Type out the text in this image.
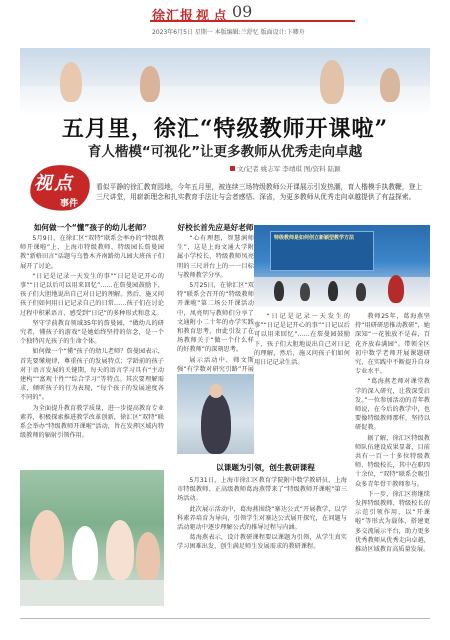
徐汇报 视 点 09
2023年6月5日 星期一 本版编辑:兰舒忆 版面设计:卞卿舟
五月里，徐汇“特级教师开课啦”
育人楷模“可视化”让更多教师从优秀走向卓越
文/记者 姚志军 李靖琪 图/资料 陆颖
视点
事件
看似平静的徐汇教育园地，今年五月里，被连续三场特级教师公开课展示引发热潮，育人楷模手执教鞭，登上三尺讲堂，用崭新理念和扎实教育手法让与会者感悟、深省，为更多教师从优秀走向卓越提供了有益探索。
如何做一个“懂”孩子的幼儿老师？

5月9日，在徐汇区“双特”联系会率办的“特级教师开课啦”上，上海市特级教师、特级园长詹曼园教“新格田言”话题与乌鲁木齐南路幼儿园大班孩子们展开了讨论。

“日记是记录一天发生的事”“日记是记开心的事”“日记以后可以用来回忆”……在詹曼园鼓励下，孩子们大胆地说出自己对日记的理解。然后，施又问孩子们如何用日记记录自己的日常……孩子们在讨论过程中积累语言，感受到“日记”的多种形式和意义。

坚守学前教育领域35年的詹曼园，“做幼儿的研究者，懂孩子的游戏”是她始终坚持的信念，是一个个独特闪光孩子的生命个体。

如何做一个“懂”孩子的幼儿老师？詹曼园表示，首先要懂规律，尊重孩子的发展特点；学龄前的孩子对于语言发展的关键期，每天的语言学习具有“主动建构”“富观十性”“综合学习”等特点。其次要理解需求，倾听孩子的行为表现，“每个孩子的发展速度各不同的”。

为全面提升教育教学质量，进一步提高教育专业素养，积极探索推进教学改革创新，徐汇区“双特”联系会举办“特级教师开课啦”活动，旨在发挥区域内特级教师的辐射引领作用。

好校长首先应是好老师

“心有理想，智慧润师生”，这是上海文通大学附属小学校长、特级教师凤亮明的三尺讲台上的一一目标与教师教学分享。

5月25日，在徐汇区“双特”联系会召开的“特级教师开课啦”第二场公开课活动中，凤亮明与教师们分享了文通附小二十年的办学实践和教育思考，由此引发了在场教师关于“做一个什么样的好教师”的深刻思考。

展示活动中，师文斯强“有学数对研究引路”开展

特级教师是如何创立新颖型教学方法
以课题为引领，创生教研课程

5月31日，上海市徐汇区教育学院附中数学教研员、上海市特级教师、正高级教师葛海燕带来了“特级教师开课啦”第三场活动。

此次展示活动中，葛海燕围绕“寨达公式”开展教学，以学科素养培育为导向，引领学生对寨达公式展开探究，在问题与活动驱动中逐步理解公式的推导过程与内涵。

葛海燕表示，设计教研课程要以课题为引领，从学生真实学习困难出发，创生满足师生发展需求的教研课程。

教师25年，葛海燕坚持“用研研思推动教研”，她深知“一花独放不是春，百花齐放春满园”。带领全区初中数学老师开展课题研究，在实践中不断提升自身专业水平。

“葛海燕老师对课堂教学的深入研究，让我深受启发。”一位参加活动的青年教师说，在今后的教学中，也要像特级教师那样，坚持以研促教。

据了解，徐汇区特级教师队伍建设成果显著，目前共有一百一十多位特级教师、特级校长，其中在职四十余位，“双特”联系会吸引众多青年骨干教师参与。

下一步，徐汇区将继续发挥特级教师、特级校长的示范引领作用，以“开课啦”等形式为载体，搭建更多交流展示平台，助力更多优秀教师从优秀走向卓越，推动区域教育高质量发展。

“日记是记录一天发生的事”“日记是记开心的事”“日记以后可以用来回忆”……在詹曼园鼓励下，孩子们大胆地说出自己对日记的理解，然后，施又问孩子们如何用日记记录生活。
